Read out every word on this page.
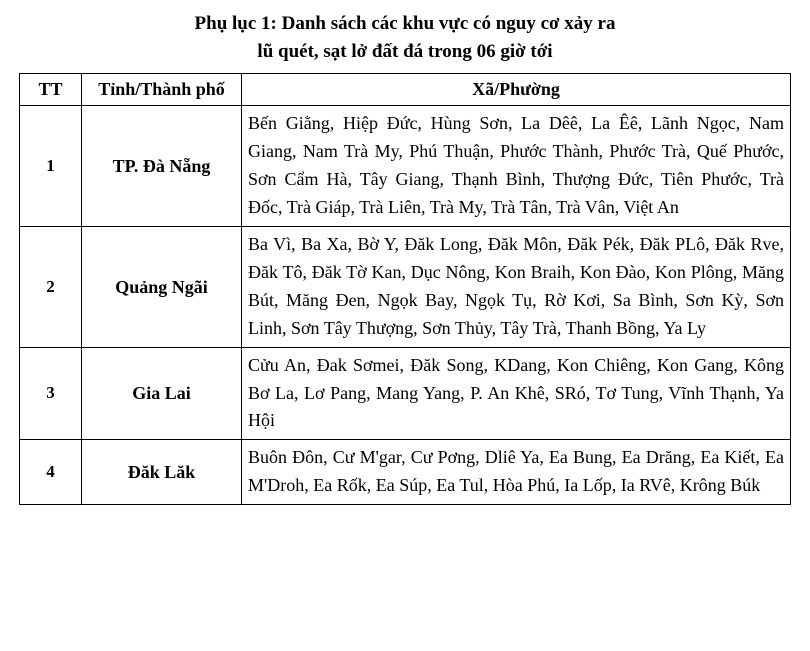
Phụ lục 1: Danh sách các khu vực có nguy cơ xảy ra
lũ quét, sạt lở đất đá trong 06 giờ tới
TT	Tỉnh/Thành phố	Xã/Phường
1	TP. Đà Nẵng	Bến Giằng, Hiệp Đức, Hùng Sơn, La Dêê, La Êê, Lãnh Ngọc, Nam Giang, Nam Trà My, Phú Thuận, Phước Thành, Phước Trà, Quế Phước, Sơn Cẩm Hà, Tây Giang, Thạnh Bình, Thượng Đức, Tiên Phước, Trà Đốc, Trà Giáp, Trà Liên, Trà My, Trà Tân, Trà Vân, Việt An
2	Quảng Ngãi	Ba Vì, Ba Xa, Bờ Y, Đăk Long, Đăk Môn, Đăk Pék, Đăk PLô, Đăk Rve, Đăk Tô, Đăk Tờ Kan, Dục Nông, Kon Braih, Kon Đào, Kon Plông, Măng Bút, Măng Đen, Ngọk Bay, Ngọk Tụ, Rờ Kơi, Sa Bình, Sơn Kỳ, Sơn Linh, Sơn Tây Thượng, Sơn Thủy, Tây Trà, Thanh Bồng, Ya Ly
3	Gia Lai	Cửu An, Đak Sơmei, Đăk Song, KDang, Kon Chiêng, Kon Gang, Kông Bơ La, Lơ Pang, Mang Yang, P. An Khê, SRó, Tơ Tung, Vĩnh Thạnh, Ya Hội
4	Đăk Lăk	Buôn Đôn, Cư M'gar, Cư Pơng, Dliê Ya, Ea Bung, Ea Drăng, Ea Kiết, Ea M'Droh, Ea Rốk, Ea Súp, Ea Tul, Hòa Phú, Ia Lốp, Ia RVê, Krông Búk
